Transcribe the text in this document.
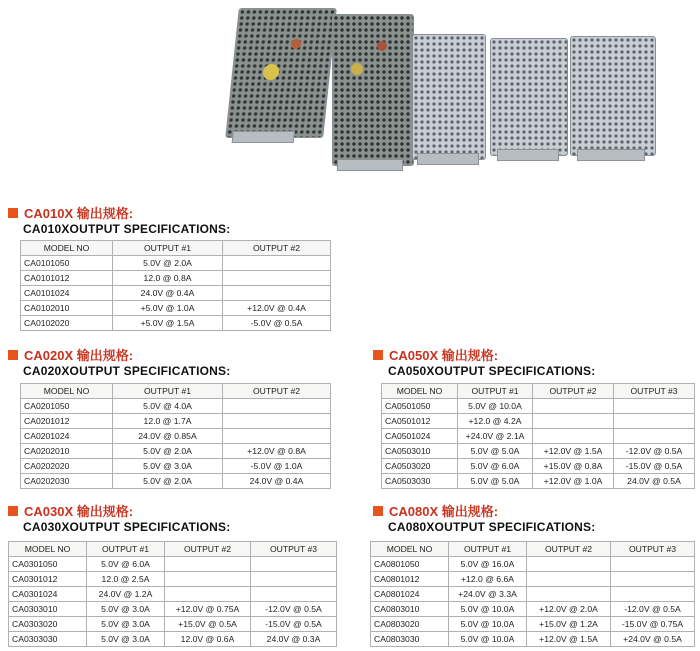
CA010X 输出规格:
CA010XOUTPUT SPECIFICATIONS:
MODEL NO	OUTPUT #1	OUTPUT #2
CA0101050	5.0V @ 2.0A	
CA0101012	12.0 @ 0.8A	
CA0101024	24.0V @ 0.4A	
CA0102010	+5.0V @ 1.0A	+12.0V @ 0.4A
CA0102020	+5.0V @ 1.5A	-5.0V @ 0.5A
CA020X 输出规格:
CA020XOUTPUT SPECIFICATIONS:
MODEL NO	OUTPUT #1	OUTPUT #2
CA0201050	5.0V @ 4.0A	
CA0201012	12.0 @ 1.7A	
CA0201024	24.0V @ 0.85A	
CA0202010	5.0V @ 2.0A	+12.0V @ 0.8A
CA0202020	5.0V @ 3.0A	-5.0V @ 1.0A
CA0202030	5.0V @ 2.0A	24.0V @ 0.4A
CA050X 输出规格:
CA050XOUTPUT SPECIFICATIONS:
MODEL NO	OUTPUT #1	OUTPUT #2	OUTPUT #3
CA0501050	5.0V @ 10.0A		
CA0501012	+12.0 @ 4.2A		
CA0501024	+24.0V @ 2.1A		
CA0503010	5.0V @ 5.0A	+12.0V @ 1.5A	-12.0V @ 0.5A
CA0503020	5.0V @ 6.0A	+15.0V @ 0.8A	-15.0V @ 0.5A
CA0503030	5.0V @ 5.0A	+12.0V @ 1.0A	24.0V @ 0.5A
CA030X 输出规格:
CA030XOUTPUT SPECIFICATIONS:
MODEL NO	OUTPUT #1	OUTPUT #2	OUTPUT #3
CA0301050	5.0V @ 6.0A		
CA0301012	12.0 @ 2.5A		
CA0301024	24.0V @ 1.2A		
CA0303010	5.0V @ 3.0A	+12.0V @ 0.75A	-12.0V @ 0.5A
CA0303020	5.0V @ 3.0A	+15.0V @ 0.5A	-15.0V @ 0.5A
CA0303030	5.0V @ 3.0A	12.0V @ 0.6A	24.0V @ 0.3A
CA080X 输出规格:
CA080XOUTPUT SPECIFICATIONS:
MODEL NO	OUTPUT #1	OUTPUT #2	OUTPUT #3
CA0801050	5.0V @ 16.0A		
CA0801012	+12.0 @ 6.6A		
CA0801024	+24.0V @ 3.3A		
CA0803010	5.0V @ 10.0A	+12.0V @ 2.0A	-12.0V @ 0.5A
CA0803020	5.0V @ 10.0A	+15.0V @ 1.2A	-15.0V @ 0.75A
CA0803030	5.0V @ 10.0A	+12.0V @ 1.5A	+24.0V @ 0.5A
